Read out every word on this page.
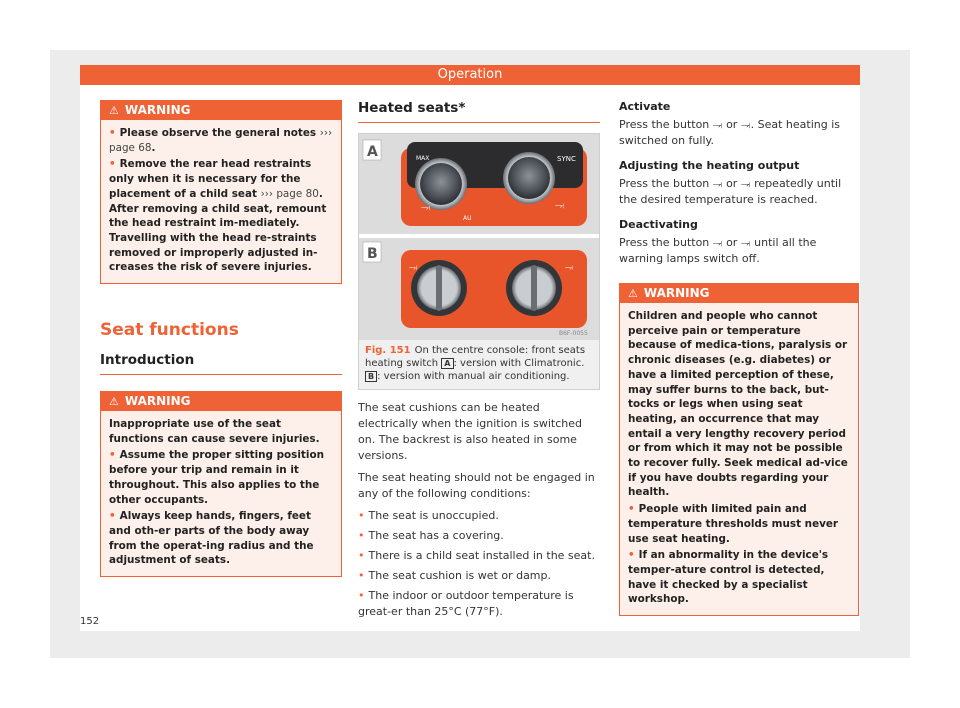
Operation
⚠ WARNING

• Please observe the general notes ››› page 68.

• Remove the rear head restraints only when it is necessary for the placement of a child seat ››› page 80. After removing a child seat, remount the head restraint im-mediately. Travelling with the head re-straints removed or improperly adjusted in-creases the risk of severe injuries.

Seat functions
Introduction
⚠ WARNING

Inappropriate use of the seat functions can cause severe injuries.

• Assume the proper sitting position before your trip and remain in it throughout. This also applies to the other occupants.

• Always keep hands, fingers, feet and oth-er parts of the body away from the operat-ing radius and the adjustment of seats.

Heated seats*
MAX	SYNC
AU
⥗	⥗
A
⥗	⥗
B
B6F-0055
Fig. 151 On the centre console: front seats heating switch A : version with Climatronic. B : version with manual air conditioning.

The seat cushions can be heated electrically when the ignition is switched on. The backrest is also heated in some versions.

The seat heating should not be engaged in any of the following conditions:

• The seat is unoccupied.
• The seat has a covering.
• There is a child seat installed in the seat.
• The seat cushion is wet or damp.
• The indoor or outdoor temperature is great-er than 25°C (77°F).

Activate

Press the button ⥗ or ⥗. Seat heating is switched on fully.

Adjusting the heating output

Press the button ⥗ or ⥗ repeatedly until the desired temperature is reached.

Deactivating

Press the button ⥗ or ⥗ until all the warning lamps switch off.

⚠ WARNING

Children and people who cannot perceive pain or temperature because of medica-tions, paralysis or chronic diseases (e.g. diabetes) or have a limited perception of these, may suffer burns to the back, but-tocks or legs when using seat heating, an occurrence that may entail a very lengthy recovery period or from which it may not be possible to recover fully. Seek medical ad-vice if you have doubts regarding your health.

• People with limited pain and temperature thresholds must never use seat heating.

• If an abnormality in the device's temper-ature control is detected, have it checked by a specialist workshop.

152
